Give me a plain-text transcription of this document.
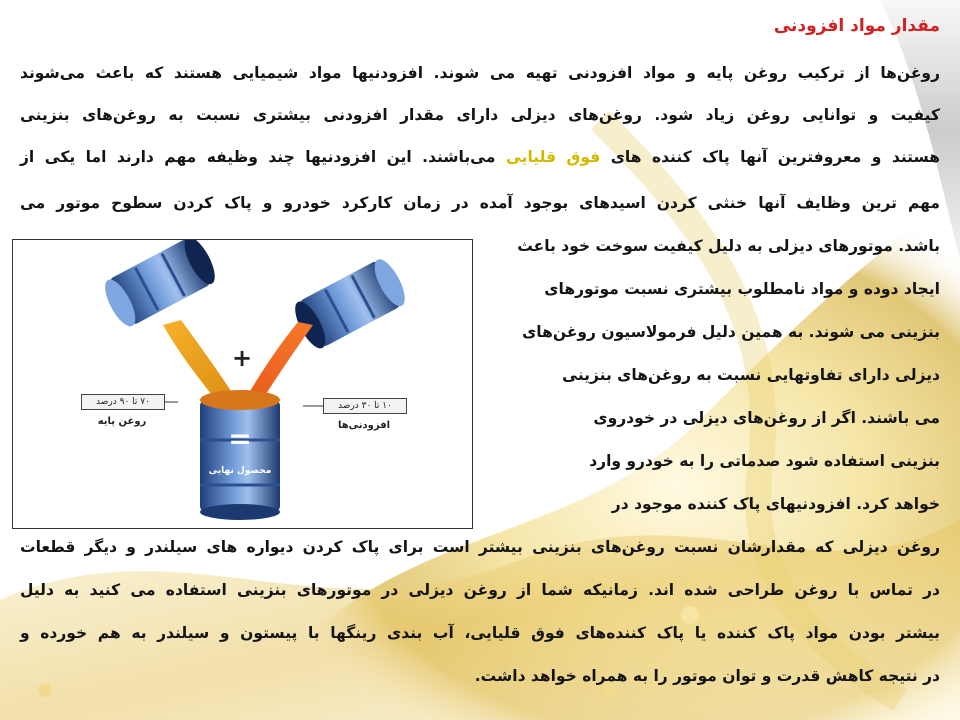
مقدار مواد افزودنی
روغن‌ها از ترکیب روغن پایه و مواد افزودنی تهیه می شوند. افزودنیها مواد شیمیایی هستند که باعث می‌شوند
کیفیت و توانایی روغن زیاد شود. روغن‌های دیزلی دارای مقدار افزودنی بیشتری نسبت به روغن‌های بنزینی
هستند و معروفترین آنها پاک کننده های فوق قلیایی می‌باشند. این افزودنیها چند وظیفه مهم دارند اما یکی از
مهم ترین وظایف آنها خنثی کردن اسیدهای بوجود آمده در زمان کارکرد خودرو و پاک کردن سطوح موتور می
باشد. موتورهای دیزلی به دلیل کیفیت سوخت خود باعث
ایجاد دوده و مواد نامطلوب بیشتری نسبت موتورهای
بنزینی می شوند. به همین دلیل فرمولاسیون روغن‌های
دیزلی دارای تفاوتهایی نسبت به روغن‌های بنزینی
می باشند. اگر از روغن‌های دیزلی در خودروی
بنزینی استفاده شود صدماتی را به خودرو وارد
خواهد کرد. افزودنیهای پاک کننده موجود در
روغن دیزلی که مقدارشان نسبت روغن‌های بنزینی بیشتر است برای پاک کردن دیواره های سیلندر و دیگر قطعات
در تماس با روغن طراحی شده اند. زمانیکه شما از روغن دیزلی در موتورهای بنزینی استفاده می کنید به دلیل
بیشتر بودن مواد پاک کننده یا پاک کننده‌های فوق قلیایی، آب بندی رینگها با پیستون و سیلندر به هم خورده و
در نتیجه کاهش قدرت و توان موتور را به همراه خواهد داشت.
۷۰ تا ۹۰ درصد
روغن پایه
۱۰ تا ۳۰ درصد
افزودنی‌ها
+
=
محصول نهایی
